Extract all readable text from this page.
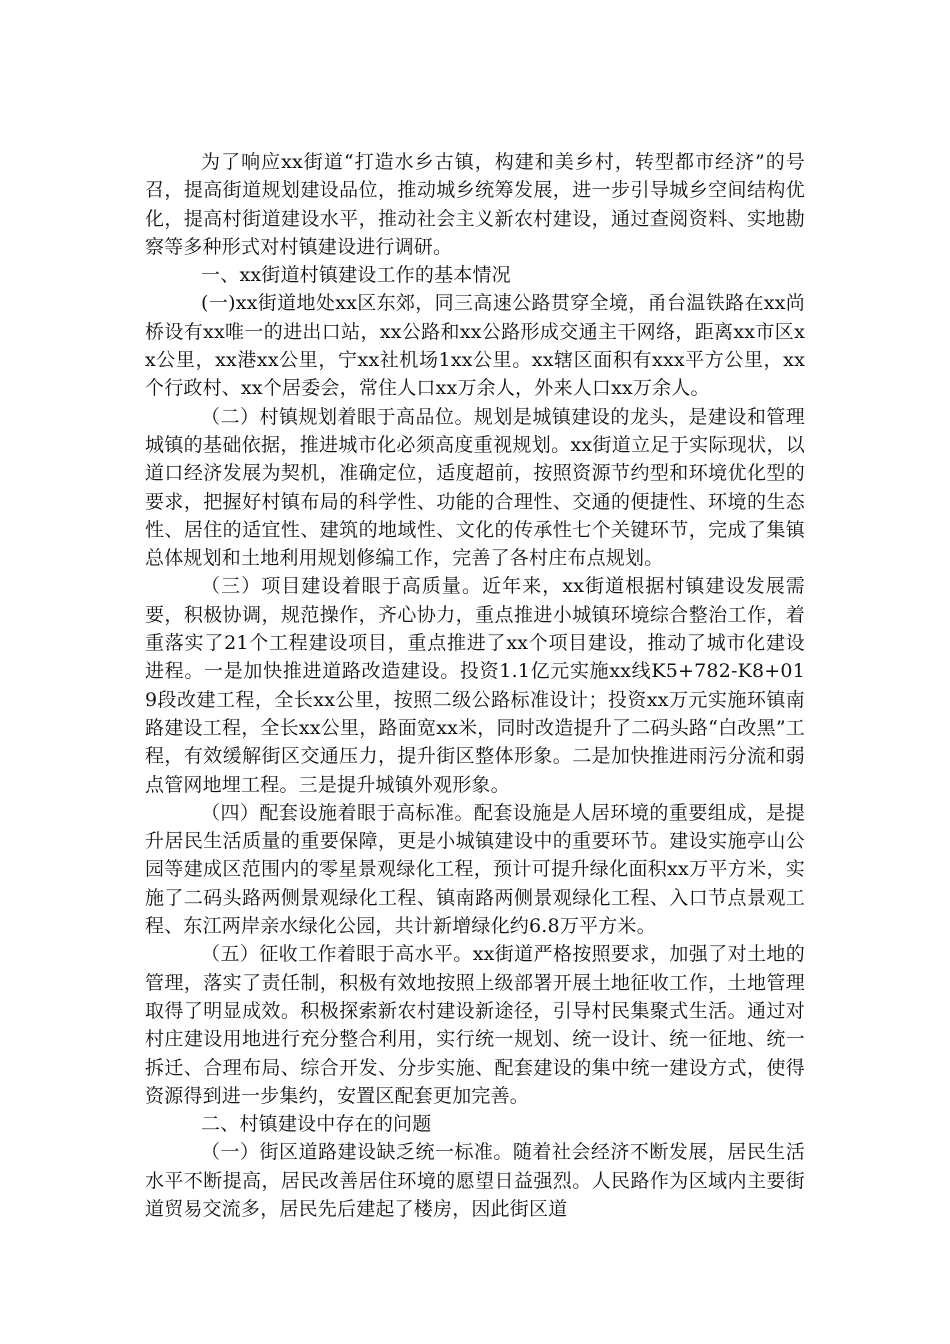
为了响应xx街道“打造水乡古镇，构建和美乡村，转型都市经济”的号召，提高街道规划建设品位，推动城乡统筹发展，进一步引导城乡空间结构优化，提高村街道建设水平，推动社会主义新农村建设，通过查阅资料、实地勘察等多种形式对村镇建设进行调研。

一、xx街道村镇建设工作的基本情况

(一)xx街道地处xx区东郊，同三高速公路贯穿全境，甬台温铁路在xx尚桥设有xx唯一的进出口站，xx公路和xx公路形成交通主干网络，距离xx市区xx公里，xx港xx公里，宁xx社机场1xx公里。xx辖区面积有xxx平方公里，xx个行政村、xx个居委会，常住人口xx万余人，外来人口xx万余人。

（二）村镇规划着眼于高品位。规划是城镇建设的龙头，是建设和管理城镇的基础依据，推进城市化必须高度重视规划。xx街道立足于实际现状，以道口经济发展为契机，准确定位，适度超前，按照资源节约型和环境优化型的要求，把握好村镇布局的科学性、功能的合理性、交通的便捷性、环境的生态性、居住的适宜性、建筑的地域性、文化的传承性七个关键环节，完成了集镇总体规划和土地利用规划修编工作，完善了各村庄布点规划。

（三）项目建设着眼于高质量。近年来，xx街道根据村镇建设发展需要，积极协调，规范操作，齐心协力，重点推进小城镇环境综合整治工作，着重落实了21个工程建设项目，重点推进了xx个项目建设，推动了城市化建设进程。一是加快推进道路改造建设。投资1.1亿元实施xx线K5+782-K8+019段改建工程，全长xx公里，按照二级公路标准设计；投资xx万元实施环镇南路建设工程，全长xx公里，路面宽xx米，同时改造提升了二码头路“白改黑”工程，有效缓解街区交通压力，提升街区整体形象。二是加快推进雨污分流和弱点管网地埋工程。三是提升城镇外观形象。

（四）配套设施着眼于高标准。配套设施是人居环境的重要组成，是提升居民生活质量的重要保障，更是小城镇建设中的重要环节。建设实施亭山公园等建成区范围内的零星景观绿化工程，预计可提升绿化面积xx万平方米，实施了二码头路两侧景观绿化工程、镇南路两侧景观绿化工程、入口节点景观工程、东江两岸亲水绿化公园，共计新增绿化约6.8万平方米。

（五）征收工作着眼于高水平。xx街道严格按照要求，加强了对土地的管理，落实了责任制，积极有效地按照上级部署开展土地征收工作，土地管理取得了明显成效。积极探索新农村建设新途径，引导村民集聚式生活。通过对村庄建设用地进行充分整合利用，实行统一规划、统一设计、统一征地、统一拆迁、合理布局、综合开发、分步实施、配套建设的集中统一建设方式，使得资源得到进一步集约，安置区配套更加完善。

二、村镇建设中存在的问题

（一）街区道路建设缺乏统一标准。随着社会经济不断发展，居民生活水平不断提高，居民改善居住环境的愿望日益强烈。人民路作为区域内主要街道贸易交流多，居民先后建起了楼房，因此街区道
